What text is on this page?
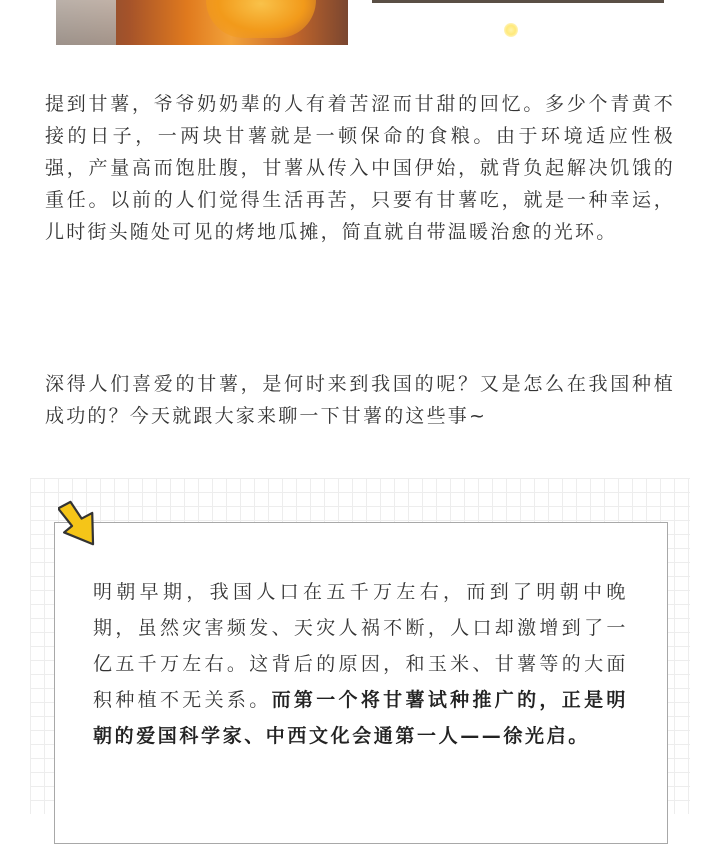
提到甘薯，爷爷奶奶辈的人有着苦涩而甘甜的回忆。多少个青黄不接的日子，一两块甘薯就是一顿保命的食粮。由于环境适应性极强，产量高而饱肚腹，甘薯从传入中国伊始，就背负起解决饥饿的重任。以前的人们觉得生活再苦，只要有甘薯吃，就是一种幸运，儿时街头随处可见的烤地瓜摊，简直就自带温暖治愈的光环。

深得人们喜爱的甘薯，是何时来到我国的呢？又是怎么在我国种植成功的？今天就跟大家来聊一下甘薯的这些事~

明朝早期，我国人口在五千万左右，而到了明朝中晚期，虽然灾害频发、天灾人祸不断，人口却激增到了一亿五千万左右。这背后的原因，和玉米、甘薯等的大面积种植不无关系。而第一个将甘薯试种推广的，正是明朝的爱国科学家、中西文化会通第一人——徐光启。
